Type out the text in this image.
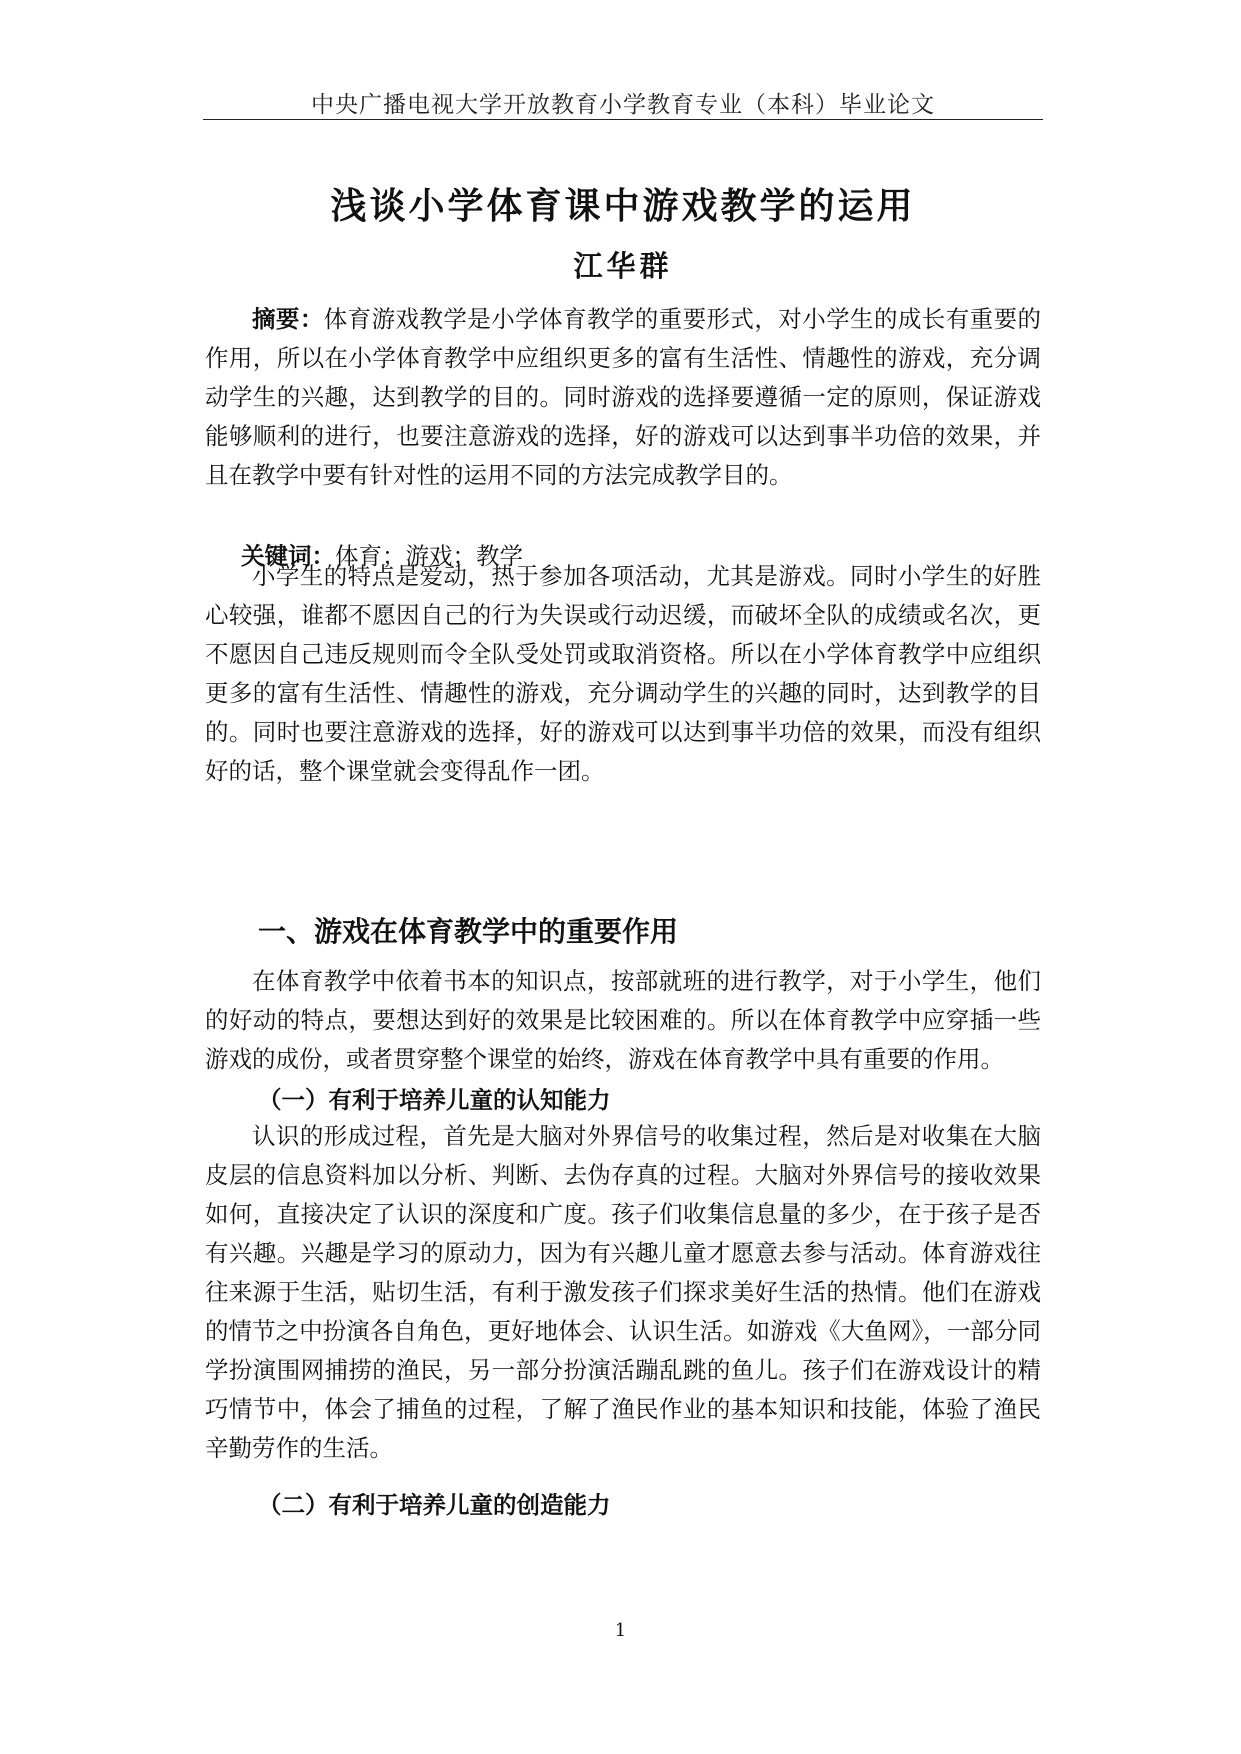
中央广播电视大学开放教育小学教育专业（本科）毕业论文
浅谈小学体育课中游戏教学的运用
江华群

摘要：体育游戏教学是小学体育教学的重要形式，对小学生的成长有重要的作用，所以在小学体育教学中应组织更多的富有生活性、情趣性的游戏，充分调动学生的兴趣，达到教学的目的。同时游戏的选择要遵循一定的原则，保证游戏能够顺利的进行，也要注意游戏的选择，好的游戏可以达到事半功倍的效果，并且在教学中要有针对性的运用不同的方法完成教学目的。

关键词：体育；游戏；教学

小学生的特点是爱动，热于参加各项活动，尤其是游戏。同时小学生的好胜心较强，谁都不愿因自己的行为失误或行动迟缓，而破坏全队的成绩或名次，更不愿因自己违反规则而令全队受处罚或取消资格。所以在小学体育教学中应组织更多的富有生活性、情趣性的游戏，充分调动学生的兴趣的同时，达到教学的目的。同时也要注意游戏的选择，好的游戏可以达到事半功倍的效果，而没有组织好的话，整个课堂就会变得乱作一团。

一、游戏在体育教学中的重要作用

在体育教学中依着书本的知识点，按部就班的进行教学，对于小学生，他们的好动的特点，要想达到好的效果是比较困难的。所以在体育教学中应穿插一些游戏的成份，或者贯穿整个课堂的始终，游戏在体育教学中具有重要的作用。

（一）有利于培养儿童的认知能力

认识的形成过程，首先是大脑对外界信号的收集过程，然后是对收集在大脑皮层的信息资料加以分析、判断、去伪存真的过程。大脑对外界信号的接收效果如何，直接决定了认识的深度和广度。孩子们收集信息量的多少，在于孩子是否有兴趣。兴趣是学习的原动力，因为有兴趣儿童才愿意去参与活动。体育游戏往往来源于生活，贴切生活，有利于激发孩子们探求美好生活的热情。他们在游戏的情节之中扮演各自角色，更好地体会、认识生活。如游戏《大鱼网》，一部分同学扮演围网捕捞的渔民，另一部分扮演活蹦乱跳的鱼儿。孩子们在游戏设计的精巧情节中，体会了捕鱼的过程，了解了渔民作业的基本知识和技能，体验了渔民辛勤劳作的生活。

（二）有利于培养儿童的创造能力
1
